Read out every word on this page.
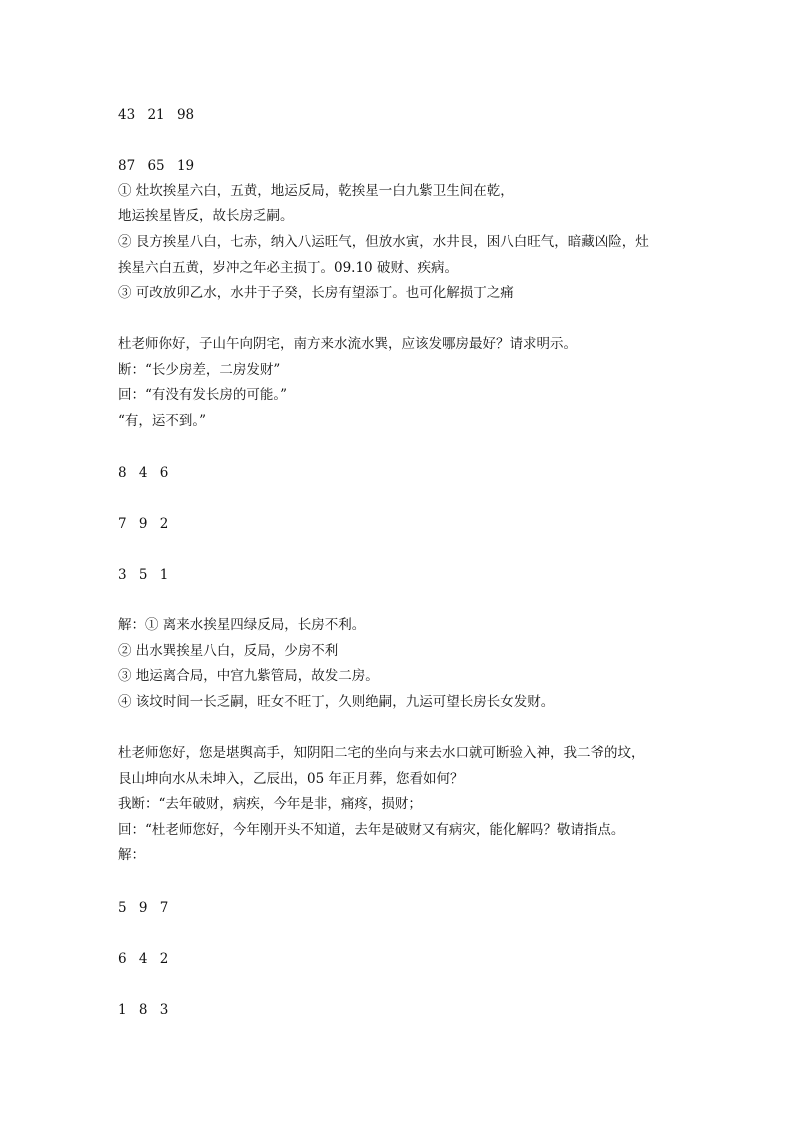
43 21 98
87 65 19
① 灶坎挨星六白，五黄，地运反局，乾挨星一白九紫卫生间在乾，
地运挨星皆反，故长房乏嗣。
② 艮方挨星八白，七赤，纳入八运旺气，但放水寅，水井艮，困八白旺气，暗藏凶险，灶
挨星六白五黄，岁冲之年必主损丁。09.10 破财、疾病。
③ 可改放卯乙水，水井于子癸，长房有望添丁。也可化解损丁之痛
杜老师你好，子山午向阴宅，南方来水流水巽，应该发哪房最好？请求明示。
断：“长少房差，二房发财”
回：“有没有发长房的可能。”
“有，运不到。”
8 4 6
7 9 2
3 5 1
解：① 离来水挨星四绿反局，长房不利。
② 出水巽挨星八白，反局，少房不利
③ 地运离合局，中宫九紫管局，故发二房。
④ 该坟时间一长乏嗣，旺女不旺丁，久则绝嗣，九运可望长房长女发财。
杜老师您好，您是堪舆高手，知阴阳二宅的坐向与来去水口就可断验入神，我二爷的坟，
艮山坤向水从未坤入，乙辰出，05 年正月葬，您看如何？
我断：“去年破财，病疾，今年是非，痛疼，损财；
回：“杜老师您好，今年刚开头不知道，去年是破财又有病灾，能化解吗？敬请指点。
解：
5 9 7
6 4 2
1 8 3
